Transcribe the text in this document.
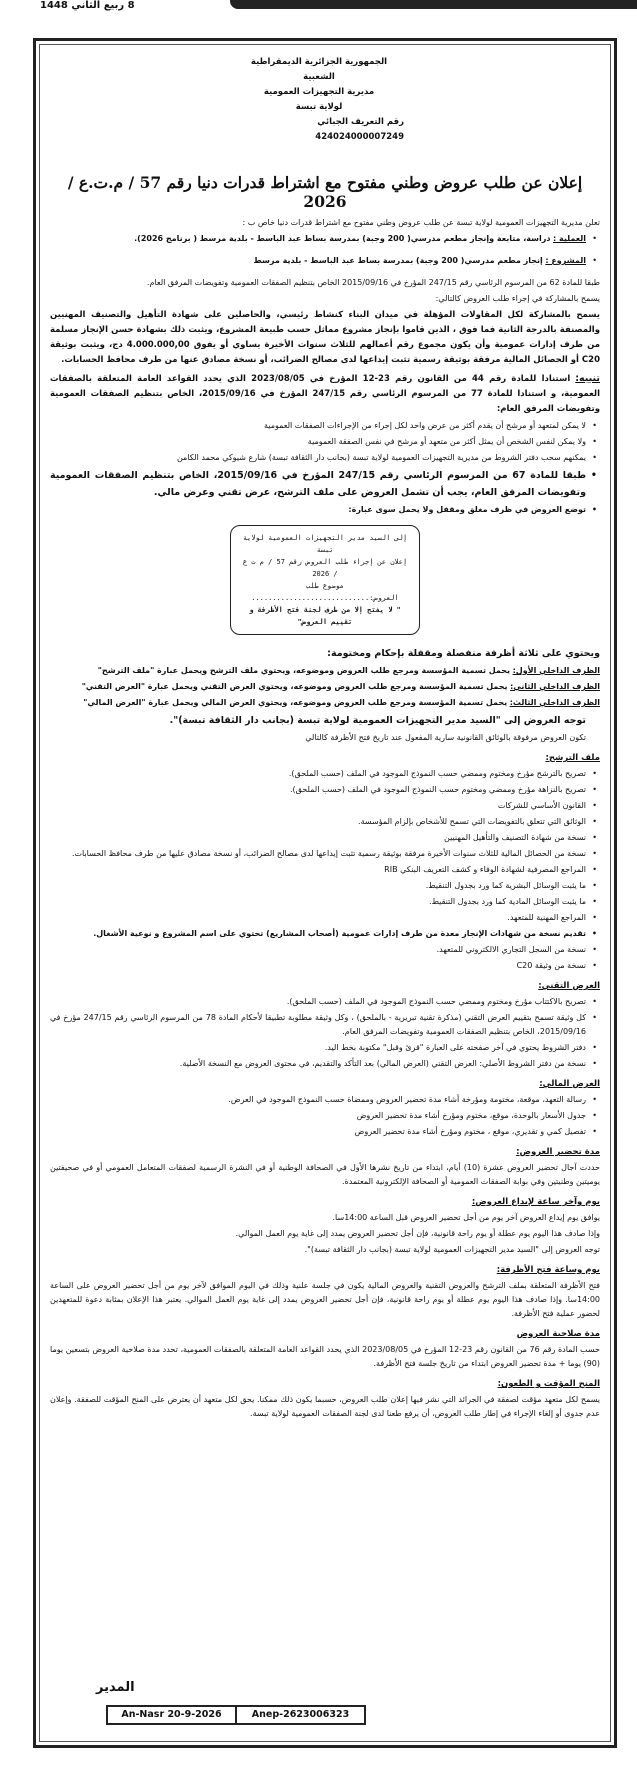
8 ربيع الثاني 1448
الجمهورية الجزائرية الديمقراطية الشعبية
مديرية التجهيزات العمومية
لولاية تبسة
رقم التعريف الجبائي 424024000007249
إعلان عن طلب عروض وطني مفتوح مع اشتراط قدرات دنيا رقم 57 / م.ت.ع / 2026

تعلن مديرية التجهيزات العمومية لولاية تبسة عن طلب عروض وطني مفتوح مع اشتراط قدرات دنيا خاص ب :

• العملية : دراسة، متابعة وإنجاز مطعم مدرسي( 200 وجبة) بمدرسة بساط عبد الباسط - بلدية مرسط ( برنامج 2026).

• المشروع : إنجاز مطعم مدرسي( 200 وجبة) بمدرسة بساط عبد الباسط - بلدية مرسط

طبقا للمادة 62 من المرسوم الرئاسي رقم 247/15 المؤرخ في 2015/09/16 الخاص بتنظيم الصفقات العمومية وتفويضات المرفق العام.

يسمح بالمشاركة في إجراء طلب العروض كالتالي:

يسمح بالمشاركة لكل المقاولات المؤهلة في ميدان البناء كنشاط رئيسي، والحاصلين على شهادة التأهيل والتصنيف المهنيين والمصنفة بالدرجة الثانية فما فوق ، الذين قاموا بإنجاز مشروع مماثل حسب طبيعة المشروع، ويثبت ذلك بشهادة حسن الإنجاز مسلمة من طرف إدارات عمومية وأن يكون مجموع رقم أعمالهم للثلاث سنوات الأخيرة يساوي أو يفوق 4.000.000,00 دج، ويثبت بوثيقة C20 أو الحصائل المالية مرفقة بوثيقة رسمية تثبت إيداعها لدى مصالح الضرائب، أو نسخة مصادق عنها من طرف محافظ الحسابات.

تنبيه: استنادا للمادة رقم 44 من القانون رقم 23-12 المؤرخ في 2023/08/05 الذي يحدد القواعد العامة المتعلقة بالصفقات العمومية، و استنادا للمادة 77 من المرسوم الرئاسي رقم 247/15 المؤرخ في 2015/09/16، الخاص بتنظيم الصفقات العمومية وتفويضات المرفق العام:

• لا يمكن لمتعهد أو مرشح أن يقدم أكثر من عرض واحد لكل إجراء من الإجراءات الصفقات العمومية

• ولا يمكن لنفس الشخص أن يمثل أكثر من متعهد أو مرشح في نفس الصفقة العمومية

• يمكنهم سحب دفتر الشروط من مديرية التجهيزات العمومية لولاية تبسة (بجانب دار الثقافة تبسة) شارع شيوكي محمد الكامن

• طبقا للمادة 67 من المرسوم الرئاسي رقم 247/15 المؤرخ في 2015/09/16، الخاص بتنظيم الصفقات العمومية وتفويضات المرفق العام، يجب أن تشمل العروض على ملف الترشح، عرض تقني وعرض مالي.

• توضع العروض في ظرف مغلق ومقفل ولا يحمل سوى عبارة:

إلى السيد مدير التجهيزات العمومية لولاية تبسة
إعلان عن إجراء طلب العروض رقم 57 / م ت ع / 2026
موضوع طلب العروض:............................
" لا يفتح إلا من طرف لجنة فتح الأظرفة و تقييم العروض"

ويحتوي على ثلاثة أظرفة منفصلة ومقفلة بإحكام ومختومة:

الظرف الداخلي الأول: يحمل تسمية المؤسسة ومرجع طلب العروض وموضوعه، ويحتوي ملف الترشح ويحمل عبارة "ملف الترشح"

الظرف الداخلي الثاني: يحمل تسمية المؤسسة ومرجع طلب العروض وموضوعه، ويحتوي العرض التقني ويحمل عبارة "العرض التقني"

الظرف الداخلي الثالث: يحمل تسمية المؤسسة ومرجع طلب العروض وموضوعه، ويحتوي العرض المالي ويحمل عبارة "العرض المالي"

توجه العروض إلى "السيد مدير التجهيزات العمومية لولاية تبسة (بجانب دار الثقافة تبسة)".

تكون العروض مرفوقة بالوثائق القانونية سارية المفعول عند تاريخ فتح الأظرفة كالتالي

ملف الترشح:

• تصريح بالترشح مؤرخ ومختوم وممضي حسب النموذج الموجود في الملف (حسب الملحق).

• تصريح بالنزاهة مؤرخ وممضي ومختوم حسب النموذج الموجود في الملف (حسب الملحق).

• القانون الأساسي للشركات

• الوثائق التي تتعلق بالتفويضات التي تسمح للأشخاص بإلزام المؤسسة.

• نسخة من شهادة التصنيف والتأهيل المهنيين

• نسخة من الحصائل المالية للثلاث سنوات الأخيرة مرفقة بوثيقة رسمية تثبت إيداعها لدى مصالح الضرائب، أو نسخة مصادق عليها من طرف محافظ الحسابات.

• المراجع المصرفية لشهادة الوفاء و كشف التعريف البنكي RIB

• ما يثبت الوسائل البشرية كما ورد بجدول التنقيط.

• ما يثبت الوسائل المادية كما ورد بجدول التنقيط.

• المراجع المهنية للمتعهد.

• تقديم نسخة من شهادات الإنجاز معدة من طرف إدارات عمومية (أصحاب المشاريع) تحتوي على اسم المشروع و نوعية الأشغال.

• نسخة من السجل التجاري الالكتروني للمتعهد.

• نسخة من وثيقة C20

العرض التقني:

• تصريح بالاكتتاب مؤرخ ومختوم وممضي حسب النموذج الموجود في الملف (حسب الملحق).

• كل وثيقة تسمح بتقييم العرض التقني (مذكرة تقنية تبريرية - بالملحق) ، وكل وثيقة مطلوبة تطبيقا لأحكام المادة 78 من المرسوم الرئاسي رقم 247/15 مؤرخ في 2015/09/16، الخاص بتنظيم الصفقات العمومية وتفويضات المرفق العام.

• دفتر الشروط يحتوي في آخر صفحته على العبارة "قرئ وقبل" مكتوبة بخط اليد.

• نسخة من دفتر الشروط الأصلي: العرض التقني (العرض المالي) بعد التأكد والتقديم، في محتوى العروض مع النسخة الأصلية.

العرض المالي:

• رسالة التعهد، موقعة، مختومة ومؤرخة أشاء مدة تحضير العروض وممضاة حسب النموذج الموجود في العرض.

• جدول الأسعار بالوحدة، موقع، مختوم ومؤرخ أشاء مدة تحضير العروض

• تفصيل كمي و تقديري، موقع ، مختوم ومؤرخ أشاء مدة تحضير العروض

مدة تحضير العروض:

حددت آجال تحضير العروض عشرة (10) أيام، ابتداء من تاريخ نشرها الأول في الصحافة الوطنية أو في النشرة الرسمية لصفقات المتعامل العمومي أو في صحيفتين يوميتين وطنيتين وفي بوابة الصفقات العمومية أو الصحافة الإلكترونية المعتمدة.

يوم وآخر ساعة لإيداع العروض:

يوافق يوم إيداع العروض آخر يوم من أجل تحضير العروض قبل الساعة 14:00سا.

وإذا صادف هذا اليوم يوم عطلة أو يوم راحة قانونية، فإن أجل تحضير العروض يمدد إلى غاية يوم العمل الموالي.

توجه العروض إلى "السيد مدير التجهيزات العمومية لولاية تبسة (بجانب دار الثقافة تبسة)".

يوم وساعة فتح الأظرفة:

فتح الأظرفة المتعلقة بملف الترشح والعروض التقنية والعروض المالية يكون في جلسة علنية وذلك في اليوم الموافق لآخر يوم من أجل تحضير العروض على الساعة 14:00سا. وإذا صادف هذا اليوم يوم عطلة أو يوم راحة قانونية، فإن أجل تحضير العروض يمدد إلى غاية يوم العمل الموالي. يعتبر هذا الإعلان بمثابة دعوة للمتعهدين لحضور عملية فتح الأظرفة.

مدة صلاحية العروض

حسب المادة رقم 76 من القانون رقم 23-12 المؤرخ في 2023/08/05 الذي يحدد القواعد العامة المتعلقة بالصفقات العمومية، تحدد مدة صلاحية العروض بتسعين يوما (90) يوما + مدة تحضير العروض ابتداء من تاريخ جلسة فتح الأظرفة.

المنح المؤقت و الطعون:

يسمح لكل متعهد مؤقت لصفقة في الجرائد التي نشر فيها إعلان طلب العروض، حسبما يكون ذلك ممكنا. يحق لكل متعهد أن يعترض على المنح المؤقت للصفقة. وإعلان عدم جدوى أو إلغاء الإجراء في إطار طلب العروض، أن يرفع طعنا لدى لجنة الصفقات العمومية لولاية تبسة.

المدير
An-Nasr 20-9-2026	Anep-2623006323
